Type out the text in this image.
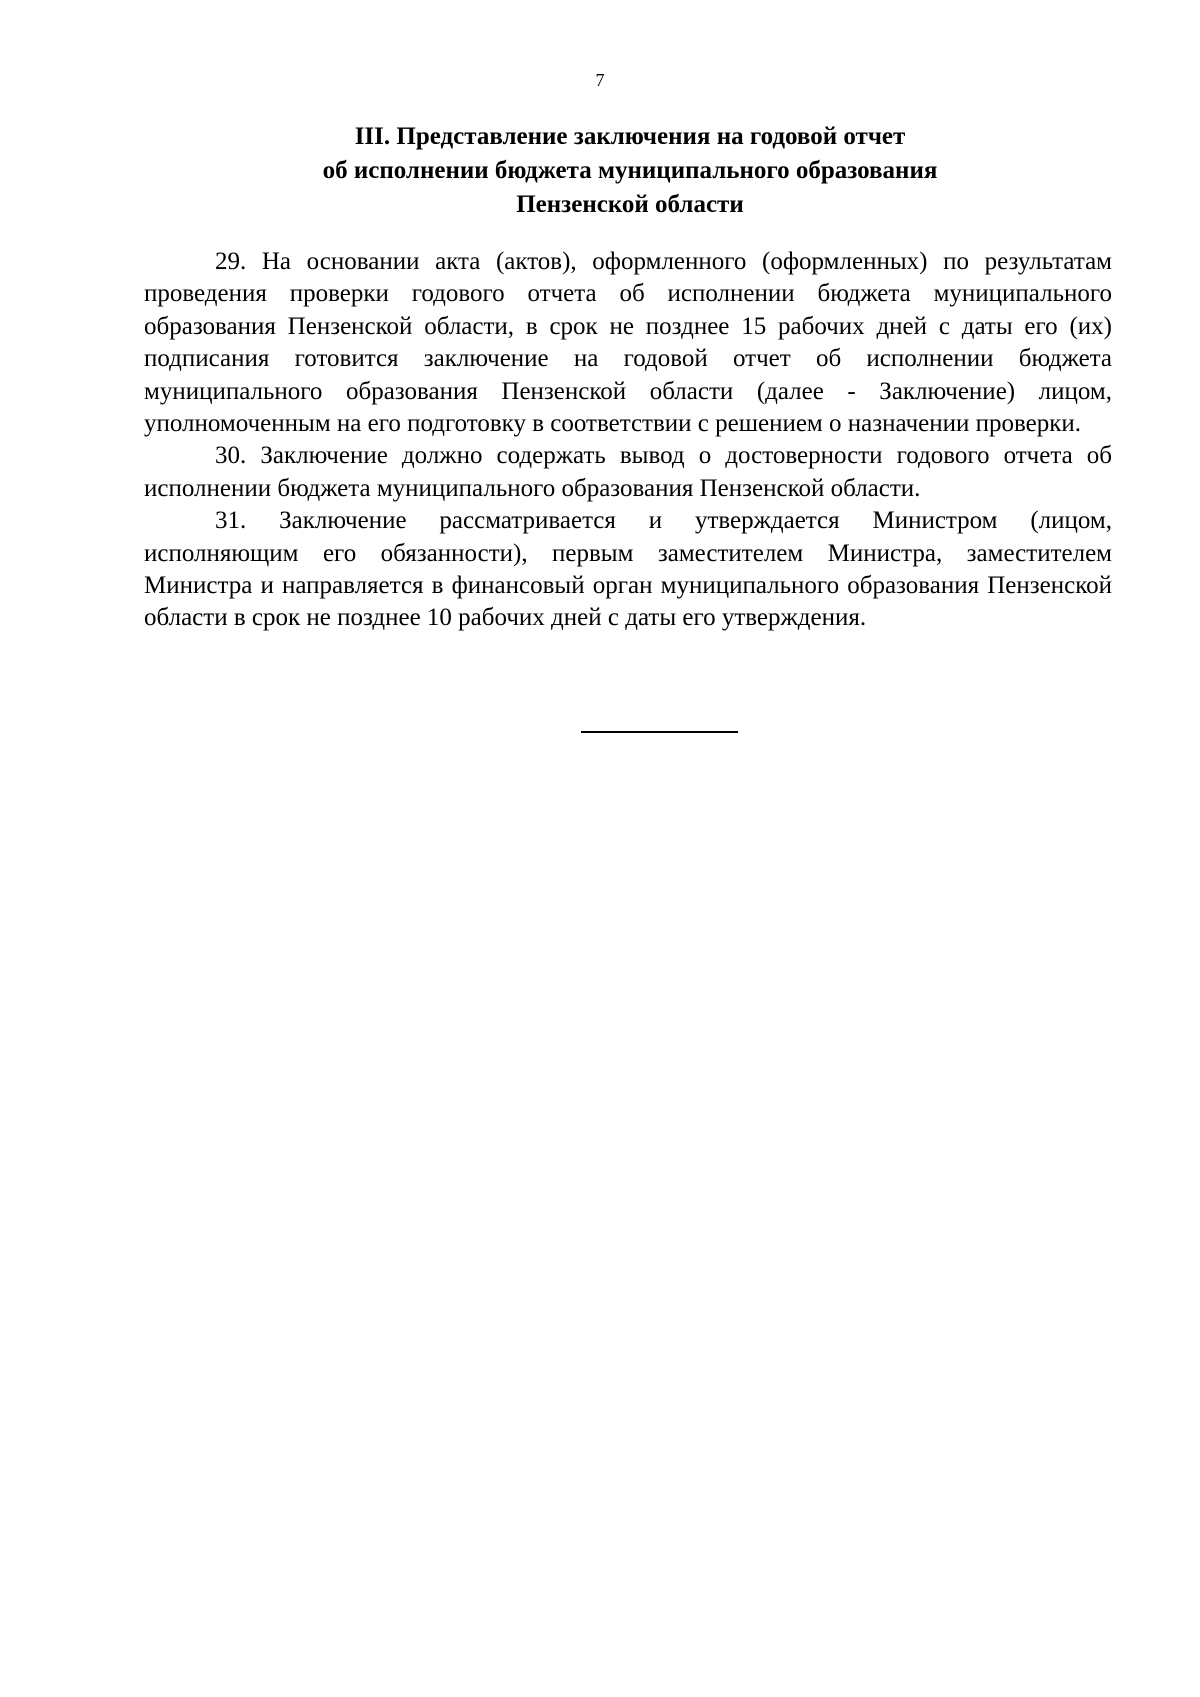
7
III. Представление заключения на годовой отчет
об исполнении бюджета муниципального образования
Пензенской области

29. На основании акта (актов), оформленного (оформленных) по результатам проведения проверки годового отчета об исполнении бюджета муниципального образования Пензенской области, в срок не позднее 15 рабочих дней с даты его (их) подписания готовится заключение на годовой отчет об исполнении бюджета муниципального образования Пензенской области (далее - Заключение) лицом, уполномоченным на его подготовку в соответствии с решением о назначении проверки.

30. Заключение должно содержать вывод о достоверности годового отчета об исполнении бюджета муниципального образования Пензенской области.

31. Заключение рассматривается и утверждается Министром (лицом, исполняющим его обязанности), первым заместителем Министра, заместителем Министра и направляется в финансовый орган муниципального образования Пензенской области в срок не позднее 10 рабочих дней с даты его утверждения.
